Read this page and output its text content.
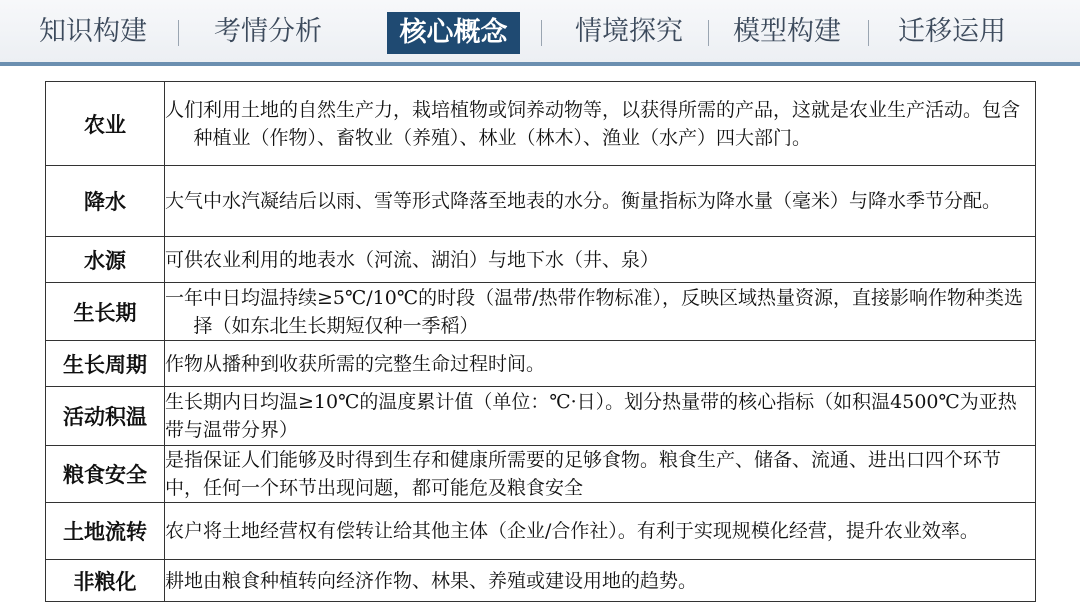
知识构建	考情分析	核心概念	情境探究	模型构建	迁移运用
农业	人们利用土地的自然生产力，栽培植物或饲养动物等，以获得所需的产品，这就是农业生产活动。包含种植业（作物）、畜牧业（养殖）、林业（林木）、渔业（水产）四大部门。

降水	大气中水汽凝结后以雨、雪等形式降落至地表的水分。衡量指标为降水量（毫米）与降水季节分配。

水源	可供农业利用的地表水（河流、湖泊）与地下水（井、泉）

生长期	一年中日均温持续≥5℃/10℃的时段（温带/热带作物标准），反映区域热量资源，直接影响作物种类选择（如东北生长期短仅种一季稻）

生长周期	作物从播种到收获所需的完整生命过程时间。

活动积温	生长期内日均温≥10℃的温度累计值（单位：℃·日）。划分热量带的核心指标（如积温4500℃为亚热带与温带分界）

粮食安全	是指保证人们能够及时得到生存和健康所需要的足够食物。粮食生产、储备、流通、进出口四个环节中，任何一个环节出现问题，都可能危及粮食安全

土地流转	农户将土地经营权有偿转让给其他主体（企业/合作社）。有利于实现规模化经营，提升农业效率。

非粮化	耕地由粮食种植转向经济作物、林果、养殖或建设用地的趋势。
